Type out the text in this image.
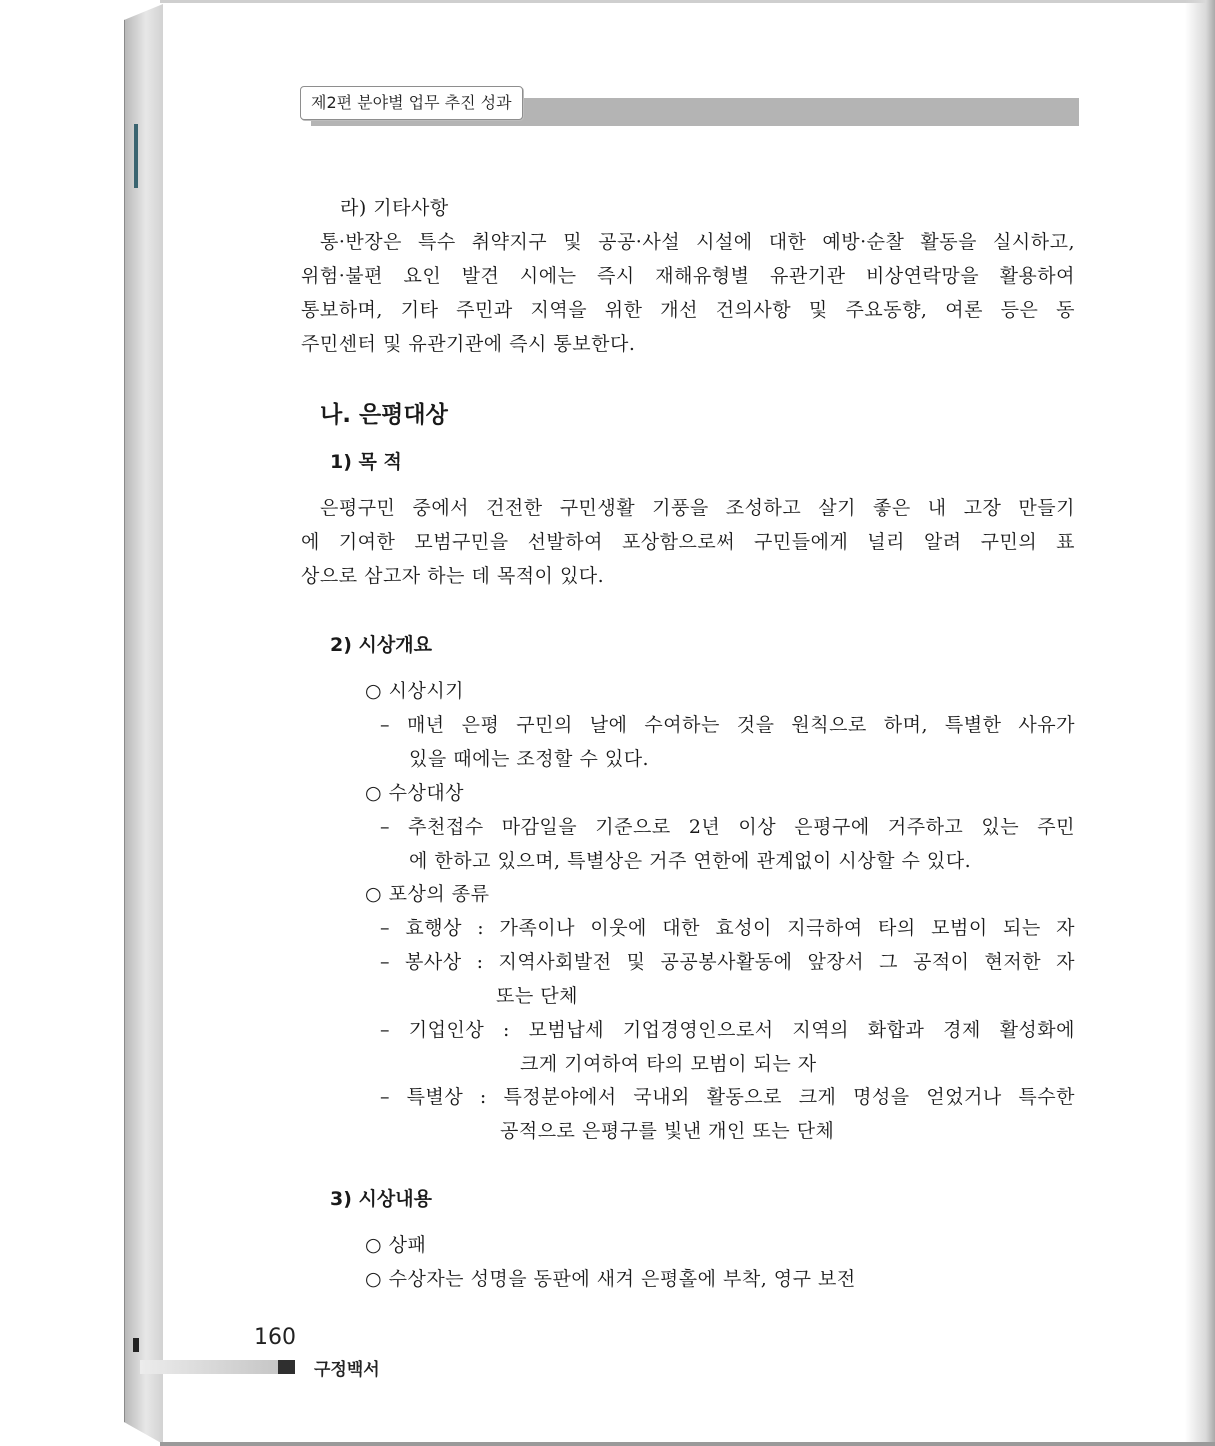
제2편 분야별 업무 추진 성과

라) 기타사항

통·반장은 특수 취약지구 및 공공·사설 시설에 대한 예방·순찰 활동을 실시하고,

위험·불편 요인 발견 시에는 즉시 재해유형별 유관기관 비상연락망을 활용하여

통보하며, 기타 주민과 지역을 위한 개선 건의사항 및 주요동향, 여론 등은 동

주민센터 및 유관기관에 즉시 통보한다.

나. 은평대상

1) 목 적

은평구민 중에서 건전한 구민생활 기풍을 조성하고 살기 좋은 내 고장 만들기

에 기여한 모범구민을 선발하여 포상함으로써 구민들에게 널리 알려 구민의 표

상으로 삼고자 하는 데 목적이 있다.

2) 시상개요

○ 시상시기

– 매년 은평 구민의 날에 수여하는 것을 원칙으로 하며, 특별한 사유가

있을 때에는 조정할 수 있다.

○ 수상대상

– 추천접수 마감일을 기준으로 2년 이상 은평구에 거주하고 있는 주민

에 한하고 있으며, 특별상은 거주 연한에 관계없이 시상할 수 있다.

○ 포상의 종류

– 효행상 : 가족이나 이웃에 대한 효성이 지극하여 타의 모범이 되는 자

– 봉사상 : 지역사회발전 및 공공봉사활동에 앞장서 그 공적이 현저한 자

또는 단체

– 기업인상 : 모범납세 기업경영인으로서 지역의 화합과 경제 활성화에

크게 기여하여 타의 모범이 되는 자

– 특별상 : 특정분야에서 국내외 활동으로 크게 명성을 얻었거나 특수한

공적으로 은평구를 빛낸 개인 또는 단체

3) 시상내용

○ 상패

○ 수상자는 성명을 동판에 새겨 은평홀에 부착, 영구 보전

160
구정백서
